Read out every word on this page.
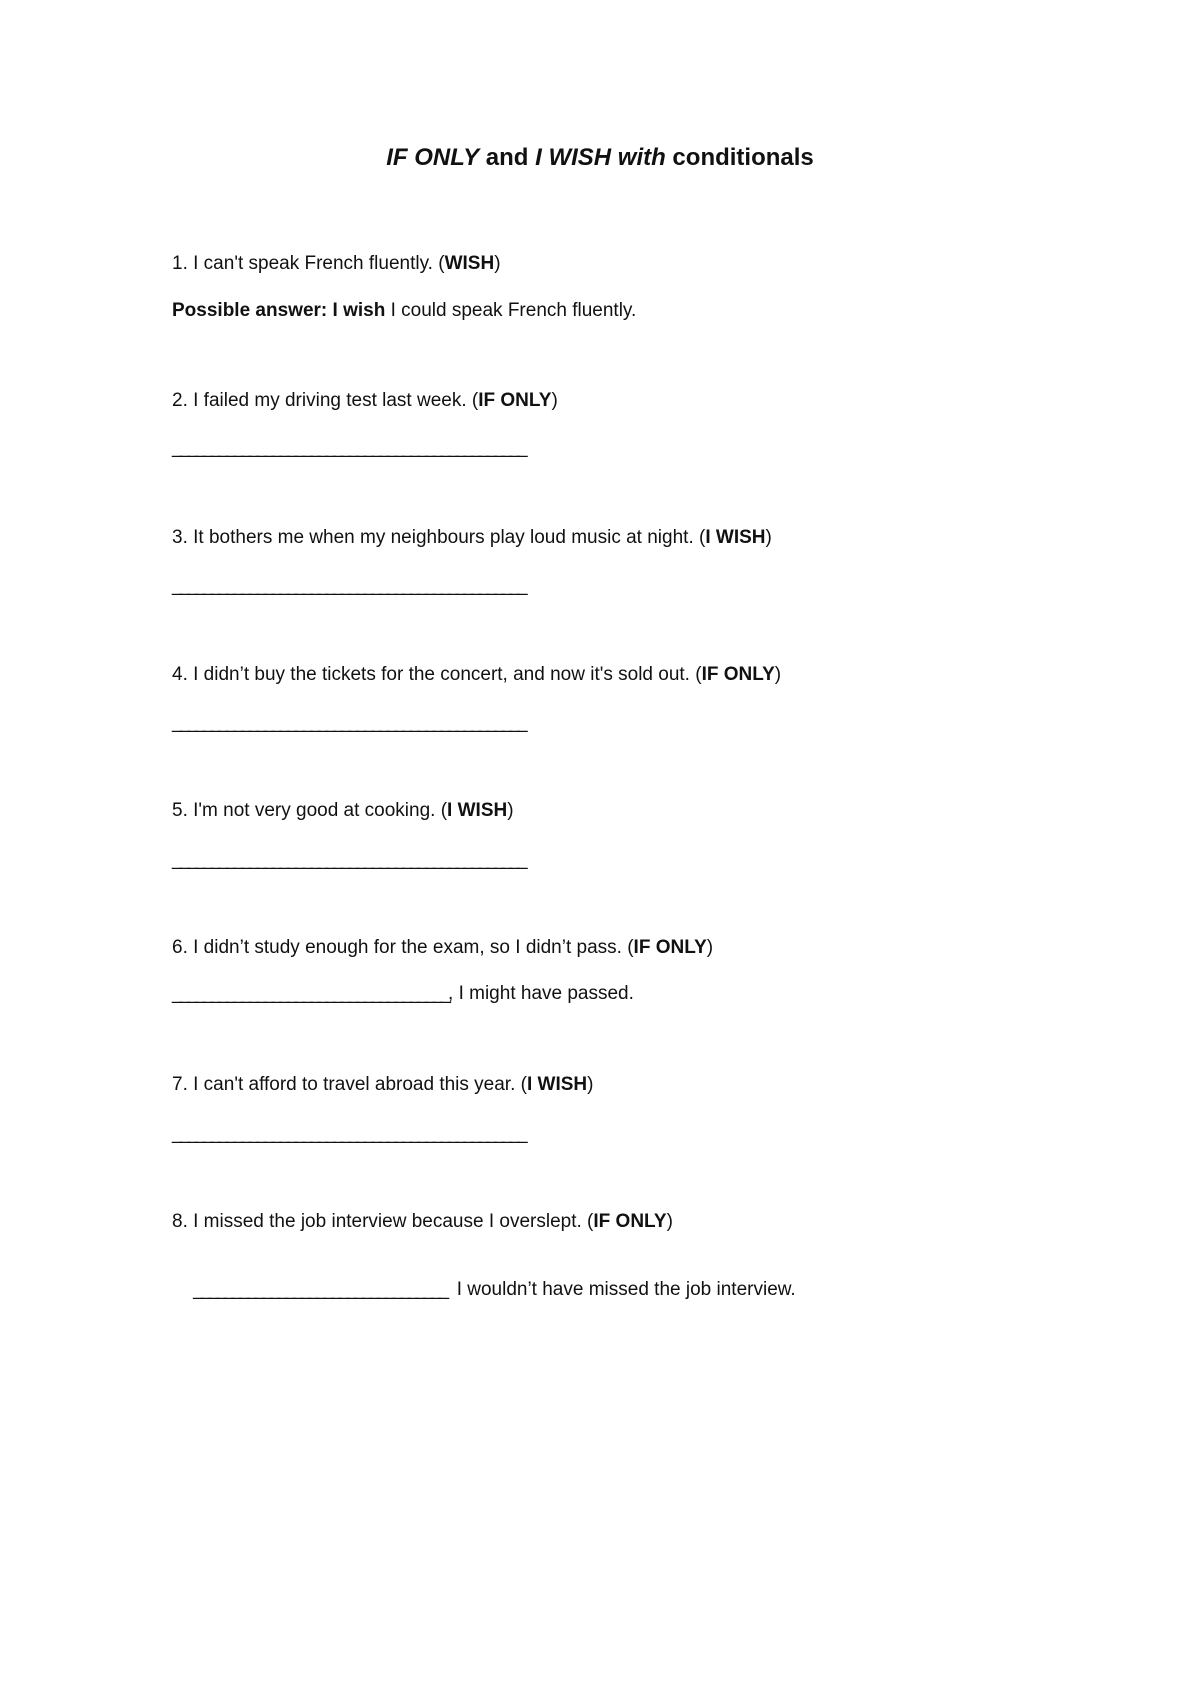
IF ONLY and I WISH with conditionals
1. I can't speak French fluently. (WISH)
Possible answer: I wish I could speak French fluently.
2. I failed my driving test last week. (IF ONLY)
______________________________________________
3. It bothers me when my neighbours play loud music at night. (I WISH)
______________________________________________
4. I didn’t buy the tickets for the concert, and now it's sold out. (IF ONLY)
______________________________________________
5. I'm not very good at cooking. (I WISH)
______________________________________________
6. I didn’t study enough for the exam, so I didn’t pass. (IF ONLY)
____________________________________, I might have passed.
7. I can't afford to travel abroad this year. (I WISH)
______________________________________________
8. I missed the job interview because I overslept. (IF ONLY)

_________________________________  I wouldn’t have missed the job interview.
